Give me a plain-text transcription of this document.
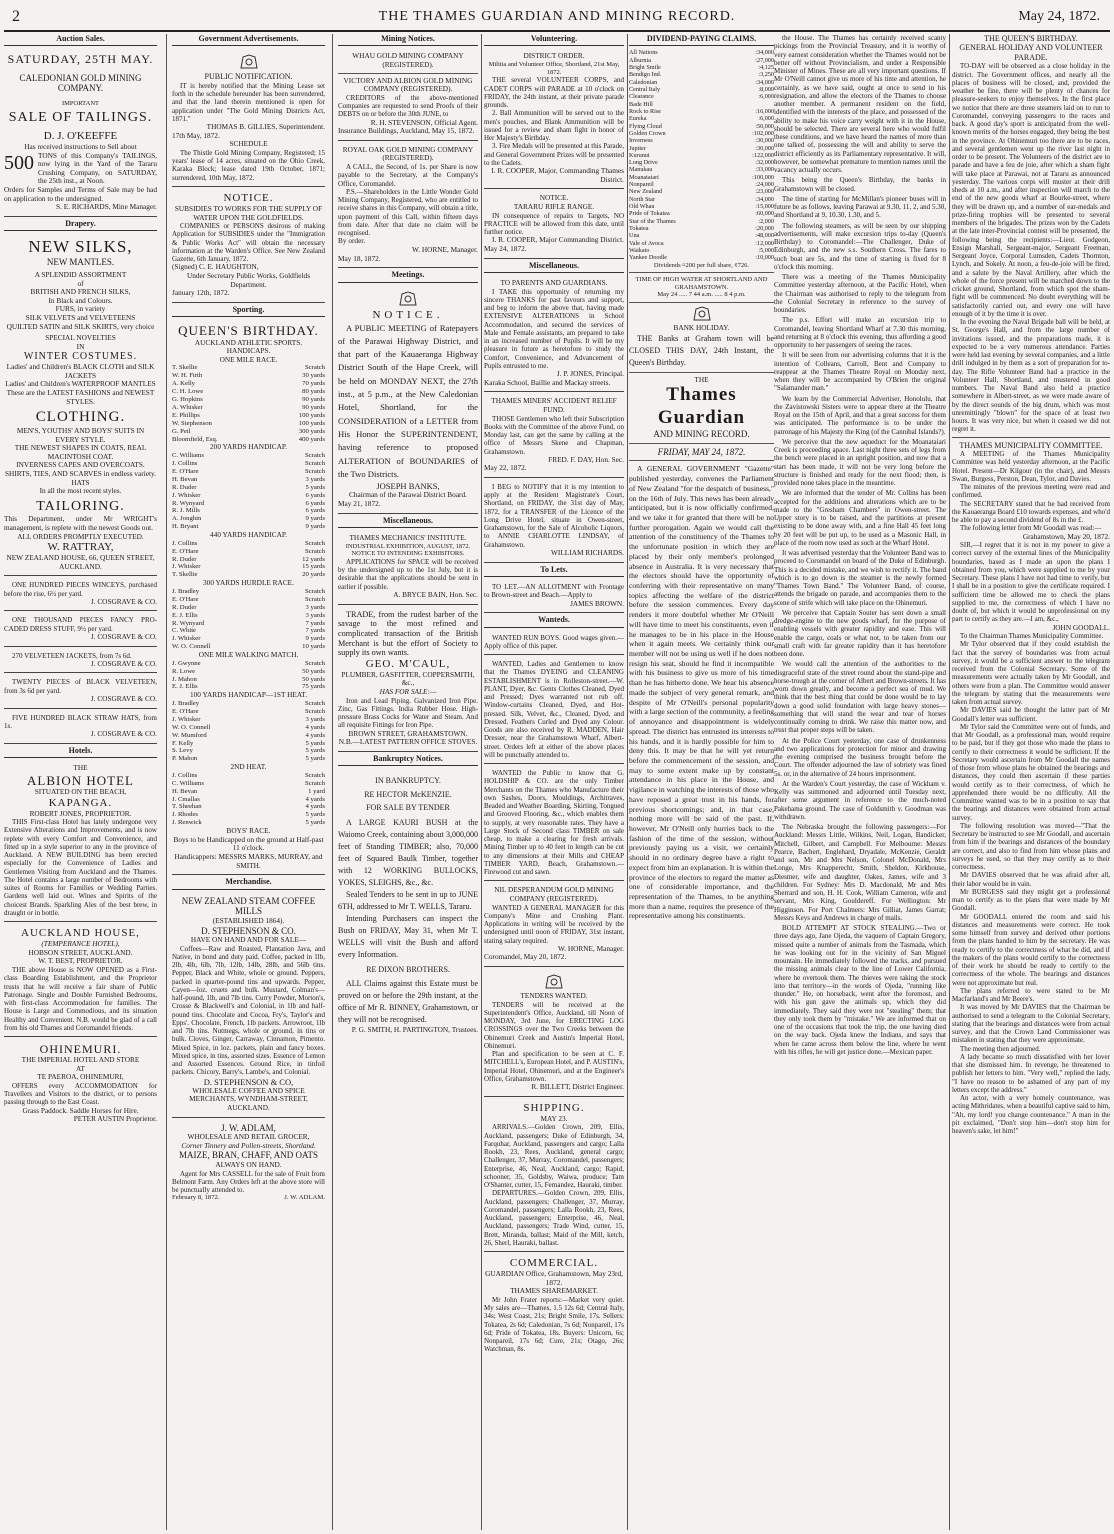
2	THE THAMES GUARDIAN AND MINING RECORD.	May 24, 1872.
Auction Sales.
SATURDAY, 25TH MAY.
CALEDONIAN GOLD MINING COMPANY.
IMPORTANT
SALE OF TAILINGS.
D. J. O'KEEFFE
Has received instructions to Sell about
500 TONS of this Company's TAILINGS, now lying in the Yard of the Tararu Crushing Company, on SATURDAY, the 25th inst., at Noon.
Orders for Samples and Terms of Sale may be had on application to the undersigned.
S. E. RICHARDS, Mine Manager.
Drapery.
NEW SILKS,
NEW MANTLES.
A SPLENDID ASSORTMENT
of
BRITISH AND FRENCH SILKS,
In Black and Colours.
FURS, in variety
SILK VELVETS and VELVETEENS
QUILTED SATIN and SILK SKIRTS, very choice
SPECIAL NOVELTIES
IN
WINTER COSTUMES.
Ladies' and Children's BLACK CLOTH and SILK JACKETS
Ladies' and Children's WATERPROOF MANTLES
These are the LATEST FASHIONS and NEWEST STYLES.
CLOTHING.
MEN'S, YOUTHS' AND BOYS' SUITS IN EVERY STYLE.
THE NEWEST SHAPES IN COATS, REAL MACINTOSH COAT.
INVERNESS CAPES AND OVERCOATS.
SHIRTS, TIES, AND SCARVES in endless variety.
HATS
In all the most recent styles.
TAILORING.
This Department, under Mr WRIGHT's management, is replete with the newest Goods out.
ALL ORDERS PROMPTLY EXECUTED.
W. RATTRAY,
NEW ZEALAND HOUSE, 66, QUEEN STREET, AUCKLAND.
ONE HUNDRED PIECES WINCEYS, purchased before the rise, 6½ per yard.
J. COSGRAVE & CO.
ONE THOUSAND PIECES FANCY PRO-CADED DRESS STUFF, 9½ per yard.
J. COSGRAVE & CO.
270 VELVETEEN JACKETS, from 7s 6d.
J. COSGRAVE & CO.
TWENTY PIECES of BLACK VELVETEEN, from 3s 6d per yard.
J. COSGRAVE & CO.
FIVE HUNDRED BLACK STRAW HATS, from 1s.
J. COSGRAVE & CO.
Hotels.
THE
ALBION HOTEL
SITUATED ON THE BEACH,
KAPANGA.
ROBERT JONES, PROPRIETOR.
THIS First-class Hotel has lately undergone very Extensive Alterations and Improvements, and is now replete with every Comfort and Convenience, and fitted up in a style superior to any in the province of Auckland. A NEW BUILDING has been erected especially for the Convenience of Ladies and Gentlemen Visiting from Auckland and the Thames. The Hotel contains a large number of Bedrooms with suites of Rooms for Families or Wedding Parties. Gardens well laid out. Wines and Spirits of the choicest Brands. Sparkling Ales of the best brew, in draught or in bottle.
AUCKLAND HOUSE,
(TEMPERANCE HOTEL),
HOBSON STREET, AUCKLAND.
W. T. BEST, PROPRIETOR.
THE above House is NOW OPENED as a First-class Boarding Establishment, and the Proprietor trusts that he will receive a fair share of Public Patronage. Single and Double Furnished Bedrooms, with first-class Accommodation for families. The House is Large and Commodious, and its situation Healthy and Convenient. N.B. would be glad of a call from his old Thames and Coromandel friends.
OHINEMURI.
THE IMPERIAL HOTEL AND STORE
AT
TE PAEROA, OHINEMURI,
OFFERS every ACCOMMODATION for Travellers and Visitors to the district, or to persons passing through to the East Coast.
Grass Paddock. Saddle Horses for Hire.
PETER AUSTIN Proprietor.
Government Advertisements.
PUBLIC NOTIFICATION.
IT is hereby notified that the Mining Lease set forth in the schedule hereunder has been surrendered, and that the land therein mentioned is open for application under "The Gold Mining Districts Act, 1871."
THOMAS B. GILLIES, Superintendent.
17th May, 1872.
SCHEDULE
The Thistle Gold Mining Company, Registered; 15 years' lease of 14 acres, situated on the Ohio Creek, Karaka Block; lease dated 19th October, 1871; surrendered, 10th May, 1872.
NOTICE.
SUBSIDIES TO WORKS FOR THE SUPPLY OF WATER UPON THE GOLDFIELDS.
COMPANIES or PERSONS desirous of making Application for SUBSIDIES under the "Immigration & Public Works Act" will obtain the necessary information at the Warden's Office. See New Zealand Gazette, 6th January, 1872.
(Signed) C. E. HAUGHTON,
Under Secretary Public Works, Goldfields Department.
January 12th, 1872.
Sporting.
QUEEN'S BIRTHDAY.
AUCKLAND ATHLETIC SPORTS.
HANDICAPS.
ONE MILE RACE.
T. Skellie	Scratch
W. H. Firth	30 yards
A. Kelly	70 yards
C. H. Lowe	80 yards
G. Hopkins	90 yards
A. Whisker	90 yards
E. Phillips	100 yards
W. Stephenson	100 yards
G. Peil	300 yards
Bloomfield, Esq.	400 yards
200 YARDS HANDICAP.
C. Williams	Scratch
J. Collins	Scratch
E. O'Hare	Scratch
H. Bevan	3 yards
R. Duder	5 yards
J. Whisker	6 yards
R. Wynyard	6 yards
R. J. Mills	6 yards
A. Jonghin	9 yards
H. Bryant	9 yards
440 YARDS HANDICAP.
J. Collins	Scratch
E. O'Hare	Scratch
R. Duder	12 yards
J. Whisker	15 yards
T. Skellie	20 yards
300 YARDS HURDLE RACE.
J. Bradley	Scratch
E. O'Hare	Scratch
R. Duder	3 yards
E. J. Ellis	3 yards
R. Wynyard	7 yards
C. White	7 yards
J. Whisker	9 yards
W. O. Connell	10 yards
ONE MILE WALKING MATCH.
J. Gwynne	Scratch
R. Lowe	50 yards
J. Mahon	50 yards
E. J. Ellis	75 yards
100 YARDS HANDICAP—1ST HEAT.
J. Bradley	Scratch
E. O'Hare	Scratch
J. Whisker	3 yards
W. O. Connell	4 yards
W. Mumford	4 yards
F. Kelly	5 yards
S. Levy	5 yards
P. Mahon	5 yards
2ND HEAT.
J. Collins	Scratch
C. Williams	Scratch
H. Bevan	1 yard
J. Cmallas	4 yards
T. Sheehan	4 yards
J. Rhodes	5 yards
J. Renwick	5 yards
BOYS' RACE.
Boys to be Handicapped on the ground at Half-past 11 o'clock.
Handicappers: MESSRS MARKS, MURRAY, and SMITH.
Merchandise.
NEW ZEALAND STEAM COFFEE MILLS
(ESTABLISHED 1864).
D. STEPHENSON & CO.
HAVE ON HAND AND FOR SALE—
Coffees—Raw and Roasted, Plantation Java, and Native, in bond and duty paid. Coffee, packed in 1lb, 2lb, 4lb, 6lb, 7lb, 12lb, 14lb, 28lb, and 56lb tins. Pepper, Black and White, whole or ground. Peppers, packed in quarter-pound tins and upwards. Pepper, Cayen—loz. cruets and bulk. Mustard, Colman's—half-pound, 1lb, and 7lb tins. Curry Powder, Morton's, Crosse & Blackwell's and Colonial, in 1lb and half-pound tins. Chocolate and Cocoa, Fry's, Taylor's and Epps'. Chocolate, French, 1lb packets. Arrowroot, 1lb and 7lb tins. Nutmegs, whole or ground, in tins or bulk. Cloves, Ginger, Carraway, Cinnamon, Pimento. Mixed Spice, in loz. packets, plain and fancy boxes. Mixed spice, in tins, assorted sizes. Essence of Lemon and Assorted Essences. Ground Rice, in tinfoil packets. Chicory, Barry's, Lambe's, and Colonial.
D. STEPHENSON & CO,
WHOLESALE COFFEE AND SPICE MERCHANTS, WYNDHAM-STREET, AUCKLAND.
J. W. ADLAM,
WHOLESALE AND RETAIL GROCER,
Corner Tinnery and Pollen-streets, Shortland.
MAIZE, BRAN, CHAFF, AND OATS
ALWAYS ON HAND.
Agent for Mrs CASSELL for the sale of Fruit from Belmont Farm. Any Orders left at the above store will be punctually attended to.
February 8, 1872.	J. W. ADLAM.
Mining Notices.
WHAU GOLD MINING COMPANY (REGISTERED).
VICTORY AND ALBION GOLD MINING COMPANY (REGISTERED).
CREDITORS of the above-mentioned Companies are requested to send Proofs of their DEBTS on or before the 30th JUNE, to
R. H. STEVENSON, Official Agent.
Insurance Buildings, Auckland, May 15, 1872.
ROYAL OAK GOLD MINING COMPANY (REGISTERED).
A CALL, the Second, of 1s. per Share is now payable to the Secretary, at the Company's Office, Coromandel.
P.S.—Shareholders in the Little Wonder Gold Mining Company, Registered, who are entitled to receive shares in this Company, will obtain a title, upon payment of this Call, within fifteen days from date. After that date no claim will be recognised.
By order.
W. HORNE, Manager.
May 18, 1872.
Meetings.
NOTICE.
A PUBLIC MEETING of Ratepayers of the Parawai Highway District, and that part of the Kauaeranga Highway District South of the Hape Creek, will be held on MONDAY NEXT, the 27th inst., at 5 p.m., at the New Caledonian Hotel, Shortland, for the CONSIDERATION of a LETTER from His Honor the SUPERINTENDENT, having reference to proposed ALTERATION of BOUNDARIES of the Two Districts.
JOSEPH BANKS,
Chairman of the Parawai District Board.
May 21, 1872.
Miscellaneous.
THAMES MECHANICS' INSTITUTE.
INDUSTRIAL EXHIBITION, AUGUST, 1872.
NOTICE TO INTENDING EXHIBITORS.
APPLICATIONS for SPACE will be received by the undersigned up to the 1st July, but it is desirable that the applications should be sent in earlier if possible.
A. BRYCE BAIN, Hon. Sec.
TRADE, from the rudest barber of the savage to the most refined and complicated transaction of the British Merchant is but the effort of Society to supply its own wants.
GEO. M'CAUL,
PLUMBER, GASFITTER, COPPERSMITH, &c.,
HAS FOR SALE:—
Iron and Lead Piping. Galvanized Iron Pipe. Zinc, Gas Fittings. India Rubber Hose. High-pressure Brass Cocks for Water and Steam. And all requisite Fittings for Iron Pipe.
BROWN STREET, GRAHAMSTOWN.
N.B.—LATEST PATTERN OFFICE STOVES.
Bankruptcy Notices.
IN BANKRUPTCY.
RE HECTOR McKENZIE.
FOR SALE BY TENDER
A LARGE KAURI BUSH at the Waiomo Creek, containing about 3,000,000 feet of Standing TIMBER; also, 70,000 feet of Squared Baulk Timber, together with 12 WORKING BULLOCKS, YOKES, SLEIGHS, &c., &c.
Sealed Tenders to be sent in up to JUNE 6TH, addressed to Mr T. WELLS, Tararu.
Intending Purchasers can inspect the Bush on FRIDAY, May 31, when Mr T. WELLS will visit the Bush and afford every Information.
RE DIXON BROTHERS.
ALL Claims against this Estate must be proved on or before the 29th instant, at the office of Mr R. BINNEY, Grahamstown, or they will not be recognised.
P. G. SMITH, H. PARTINGTON, Trustees.
Volunteering.
DISTRICT ORDER.
Militia and Volunteer Office, Shortland, 21st May, 1872.
THE several VOLUNTEER CORPS, and CADET CORPS will PARADE at 10 o'clock on FRIDAY, the 24th instant, at their private parade grounds.
2. Ball Ammunition will be served out to the men's pouches, and Blank Ammunition will be issued for a review and sham fight in honor of Her Majesty's Birthday.
3. Fire Medals will be presented at this Parade, and General Government Prizes will be presented to the Cadets.
I. R. COOPER, Major, Commanding Thames District.
NOTICE.
TARARU RIFLE RANGE.
IN consequence of repairs to Targets, NO PRACTICE will be allowed from this date, until further notice.
I. R. COOPER, Major Commanding District.
May 24, 1872.
Miscellaneous.
TO PARENTS AND GUARDIANS.
I TAKE this opportunity of returning my sincere THANKS for past favours and support, and beg to inform the above that, having made EXTENSIVE ALTERATIONS in School Accommodation, and secured the services of Male and Female assistants, am prepared to take in an increased number of Pupils. It will be my pleasure in future as heretofore to study the Comfort, Convenience, and Advancement of Pupils entrusted to me.
J. P. JONES, Principal.
Karaka School, Baillie and Mackay streets.
THAMES MINERS' ACCIDENT RELIEF FUND.
THOSE Gentlemen who left their Subscription Books with the Committee of the above Fund, on Monday last, can get the same by calling at the office of Messrs Skene and Chapman, Grahamstown.
FRED. F. DAY, Hon. Sec.
May 22, 1872.
I BEG to NOTIFY that it is my intention to apply at the Resident Magistrate's Court, Shortland, on FRIDAY, the 31st day of May, 1872, for a TRANSFER of the Licence of the Long Drive Hotel, situate in Owen-street, Grahamstown, for the Sale of Alcoholic Liquors, to ANNIE CHARLOTTE LINDSAY, of Grahamstown.
WILLIAM RICHARDS.
To Lets.
TO LET.—AN ALLOTMENT with Frontage to Brown-street and Beach.—Apply to
JAMES BROWN.
Wanteds.
WANTED RUN BOYS. Good wages given.—Apply office of this paper.
WANTED, Ladies and Gentlemen to know that the Thames DYEING and CLEANING ESTABLISHMENT is in Rolleston-street.—W. PLANT, Dyer, &c. Gents Clothes Cleaned, Dyed and Pressed; Dyes warranted not rub off. Window-curtains Cleaned, Dyed, and Hot-pressed. Silk, Velvet, &c., Cleaned, Dyed, and Dressed. Feathers Curled and Dyed any Colour. Goods are also received by R. MADDEN, Hair Dresser, near the Grahamstown Wharf, Albert-street. Orders left at either of the above places will be punctually attended to.
WANTED the Public to know that G. HOLDSHIP & CO. are the only Timber Merchants on the Thames who Manufacture their own Sashes, Doors, Mouldings, Architraves, Beaded and Weather Boarding, Skirting, Tongued and Grooved Flooring, &c., which enables them to supply, at very reasonable rates. They have a Large Stock of Second class TIMBER on sale cheap, to make a clearing for fresh arrivals. Mining Timber up to 40 feet in length can be cut to any dimensions at their Mills and CHEAP TIMBER YARD, Beach, Grahamstown.—Firewood cut and sawn.
NIL DESPERANDUM GOLD MINING COMPANY (REGISTERED).
WANTED A GENERAL MANAGER for this Company's Mine and Crushing Plant. Applications in writing will be received by the undersigned until noon of FRIDAY, 31st instant, stating salary required.
W. HORNE, Manager.
Coromandel, May 20, 1872.
TENDERS WANTED.
TENDERS will be received at the Superintendent's Office, Auckland, till Noon of MONDAY, 3rd June, for ERECTING LOG CROSSINGS over the Two Creeks between the Ohinemuri Creek and Austin's Imperial Hotel, Ohinemuri.
Plan and specification to be seen at C. F. MITCHELL's, European Hotel, and P. AUSTIN's, Imperial Hotel, Ohinemuri, and at the Engineer's Office, Grahamstown.
R. BILLETT, District Engineer.
SHIPPING.
MAY 23.
ARRIVALS.—Golden Crown, 209, Ellis, Auckland, passengers; Duke of Edinburgh, 34, Farquhar, Auckland, passengers and cargo; Lalla Rookh, 23, Rees, Auckland, general cargo; Challenger, 37, Murray, Coromandel, passengers; Enterprise, 46, Neal, Auckland, cargo; Rapid, schooner, 35, Goldsby, Waiwa, produce; Tam O'Shanter, cutter, 15, Fernandez, Hauraki, timber.
DEPARTURES.—Golden Crown, 209, Ellis, Auckland, passengers; Challenger, 37, Murray, Coromandel, passengers; Lalla Rookh, 23, Rees, Auckland, passengers; Enterprise, 46, Neal, Auckland, passengers; Trade Wind, cutter, 15, Brett, Miranda, ballast; Maid of the Mill, ketch, 26, Sherl, Hauraki, ballast.
COMMERCIAL.
GUARDIAN Office, Grahamstown, May 23rd, 1872.
THAMES SHAREMARKET.
Mr John Frater reports:—Market very quiet. My sales are—Thames, 1.5 12s 6d; Central Italy, 34s; West Coast, 21s; Bright Smile, 17s. Sellers: Tokatea, 2s 6d; Caledonian, 7s 6d; Nonpareil, 17s 6d; Pride of Tokatea, 18s. Buyers: Unicorn, 6s; Nonpareil, 17s 6d; Cure, 21s; Otago, 26s; Watchman, 8s.
DIVIDEND-PAYING CLAIMS.
All Nations	:34,000
Alburnia	:27,000
Bright Smile	:4,125
Bendigo Ind.	:3,250
Caledonian	:34,000
Central Italy	:8,000
Clearance	:6,000
Bade Hill	
Rock to Rise	:16,000
Eureka	:6,000
Flying Cloud	:50,000
Golden Crown	:102,000
Inverness	:30,000
Jupiter	:30,000
Kurunui	:122,000
Long Drive	:32,000
Manukau	:33,000
Moanataiari	:100,000
Nonpareil	:24,000
New Zealand	:23,000
North Star	:34,000
Old Whau	:15,000
Pride of Tokatea	:60,000
Star of the Thames	:2,000
Tokatea	:20,000
Una	:48,000
Vale of Avoca	:12,000
Waikato	:5,000
Yankee Doodle	:10,000
Dividends ¤200 per full share, ¢726.
TIME OF HIGH WATER AT SHORTLAND AND GRAHAMSTOWN.
May 24 ..... 7 44 a.m. ..... 8 4 p.m.
BANK HOLIDAY.
THE Banks at Graham town will be CLOSED THIS DAY, 24th Instant, the Queen's Birthday.
THE
Thames Guardian
AND MINING RECORD.
FRIDAY, MAY 24, 1872.
A GENERAL GOVERNMENT "Gazette" published yesterday, convenes the Parliament of New Zealand "for the despatch of business," on the 16th of July. This news has been already anticipated, but it is now officially confirmed, and we take it for granted that there will be no further prorogation. Again we would call the attention of the constituency of the Thames to the unfortunate position in which they are placed by their only member's prolonged absence in Australia. It is very necessary that the electors should have the opportunity of conferring with their representative on many topics affecting the welfare of the district before the session commences. Every day renders it more doubtful whether Mr O'Neill will have time to meet his constituents, even if he manages to be in his place in the House when it again meets. We certainly think our member will not be using us well if he does not resign his seat, should he find it incompatible with his business to give us more of his time than he has hitherto done. We hear his absence made the subject of very general remark, and despite of Mr O'Neill's personal popularity with a large section of the community, a feeling of annoyance and disappointment is widely spread. The district has entrusted its interests to his hands, and it is hardly possible for him to deny this. It may be that he will yet return before the commencement of the session, and may to some extent make up by constant attendance in his place in the House, and vigilance in watching the interests of those who have reposed a great trust in his hands, for previous shortcomings; and, in that case, nothing more will be said of the past. If, however, Mr O'Neill only hurries back to the fashion of the time of the session, without previously paying us a visit, we certainly should in no ordinary degree have a right to expect from him an explanation. It is within the province of the electors to regard the matter as one of considerable importance, and the representation of the Thames, to be anything more than a name, requires the presence of the representative among his constituents.

the House. The Thames has certainly received scanty pickings from the Provincial Treasury, and it is worthy of very earnest consideration whether the Thames would not be better off without Provincialism, and under a Responsible Minister of Mines. These are all very important questions. If Mr O'Neill cannot give us more of his time and attention, he certainly, as we have said, ought at once to send in his resignation, and allow the electors of the Thames to choose another member. A permanent resident on the field, identified with the interests of the place, and possessed of the ability to make his voice carry weight with it in the House, should be selected. There are several here who would fulfil these conditions, and we have heard the names of more than one talked of, possessing the will and ability to serve the district efficiently as its Parliamentary representative. It will, however, be somewhat premature to mention names until the vacancy actually occurs.

This being the Queen's Birthday, the banks in Grahamstown will be closed.

The time of starting for McMillan's pioneer buses will in future be as follows, leaving Parawai at 9.30, 11, 2, and 5.30, and Shortland at 9, 10.30, 1.30, and 5.

The following steamers, as will be seen by our shipping advertisements, will make excursion trips to-day (Queen's Birthday) to Coromandel:—The Challenger, Duke of Edinburgh, and the new s.s. Southern Cross. The fares to such boat are 5s, and the time of starting is fixed for 8 o'clock this morning.

There was a meeting of the Thames Municipality Committee yesterday afternoon, at the Pacific Hotel, when the Chairman was authorised to reply to the telegram from the Colonial Secretary in reference to the survey of boundaries.

The p.s. Effort will make an excursion trip to Coromandel, leaving Shortland Wharf at 7.30 this morning, and returning at 8 o'clock this evening, thus affording a good opportunity to her passengers of seeing the races.

It will be seen from our advertising columns that it is the intention of Colleans, Carroll, Bent and Company to reappear at the Thames Theatre Royal on Monday next, when they will be accompanied by O'Brien the original "Salamander man."

We learn by the Commercial Advertiser, Honolulu, that the Zavistowski Sisters were to appear there at the Theatre Royal on the 15th of April, and that a great success for them was anticipated. The performance is to be under the patronage of his Majesty the King (of the Cannibal Islands?).

We perceive that the new aqueduct for the Moanataiari Creek is proceeding apace. Last night three sets of legs from the bench were placed in an upright position, and now that a start has been made, it will not be very long before the structure is finished and ready for the next flood; then, is provided none takes place in the meantime.

We are informed that the tender of Mr. Collins has been accepted for the additions and alterations which are to be made to the "Gresham Chambers" in Owen-street. The Upper story is to be raised, and the partitions at present existing to be done away with, and a fine Hall 45 feet long by 20 feet will be put up, to be used as a Masonic Hall, in place of the room now used as such at the Wharf Hotel.

It was advertised yesterday that the Volunteer Band was to proceed to Coromandel on board of the Duke of Edinburgh. This is a decided mistake, and we wish to rectify it. The band which is to go down is the steamer is the newly formed "Thames Town Band." The Volunteer Band, of course, attends the brigade on parade, and accompanies them to the scene of strife which will take place on the Ohinemuri.

We perceive that Captain Souter has sent down a small dredge-engine to the new goods wharf, for the purpose of enabling vessels with greater rapidity and ease. This will enable the cargo, coals or what not, to be taken from our small craft with far greater rapidity than it has heretofore been done.

We would call the attention of the authorities to the disgraceful state of the street round about the stand-pipe and horse-trough at the corner of Albert and Brown-streets. It has worn down greatly, and become a perfect sea of mud. We think that the best thing that could be done would be to lay down a good solid foundation with large heavy stones—something that will stand the wear and tear of horses continually coming to drink. We raise this matter now, and trust that proper steps will be taken.

At the Police Court yesterday, one case of drunkenness and two applications for protection for minor and drawing the evening comprised the business brought before the Court. The offender adjourned the law of sobriety was fined 5s. or, in the alternative of 24 hours imprisonment.

At the Warden's Court yesterday, the case of Wickham v. Kelly was summoned and adjourned until Tuesday next, after some argument in reference to the much-noted Pakehama ground. The case of Goldsmith v. Goodman was withdrawn.

The Nebraska brought the following passengers:—For Auckland: Messrs Little, Wilkins, Neil, Logan, Bandicker, Mitchell, Gilbert, and Campbell. For Melbourne: Messrs Pearce, Bachert, Englehard, Dryadale, McKenzie, Geraldt and son, Mr and Mrs Nelson, Colonel McDonald, Mrs Longe, Mrs Knapperecht, Smith, Sheldon, Kirkhouse, Diesmer, wife and daughter, Oakes, James, wife and 3 children. For Sydney: Mrs D. Macdonald, Mr and Mrs Sherrard and son, H. H. Cook, William Cameron, wife and servant, Mrs King, Gouldereff. For Wellington: Mr Higginson. For Port Chalmers: Mrs Gilliat, James Garrat; Messrs Keys and Andrews in charge of mails.

BOLD ATTEMPT AT STOCK STEALING.—Two or three days ago, Jane Ojeda, the vaquero of Captain Gregory, missed quite a number of animals from the Tasmada, which he was looking out for in the vicinity of San Miguel mountain. He immediately followed the tracks, and pursued the missing animals clear to the line of Lower California, where he overtook them. The thieves were taking the stock into that territory—in the words of Ojeda, "running like thunder." He, on horseback, went after the foremost, and with his gun gave the animals up, which they did immediately. They said they were not "stealing" them; that they only took them by "mistake." We are informed that on one of the occasions that took the trip, the one having died on the way back. Ojeda knew the Indians, and says that when he came across them below the line, where he went with his rifles, he will get justice done.—Mexican paper.

THE QUEEN'S BIRTHDAY.
GENERAL HOLIDAY AND VOLUNTEER PARADE.
TO-DAY will be observed as a close holiday in the district. The Government offices, and nearly all the places of business will be closed, and, provided the weather be fine, there will be plenty of chances for pleasure-seekers to enjoy themselves. In the first place we notice that there are three steamers laid on to run to Coromandel, conveying passengers to the races and back. A good day's sport is anticipated from the well-known merits of the horses engaged, they being the best in the province. At Ohinemuri too there are to be races, and several gentlemen went up the river last night in order to be present. The Volunteers of the district are to parade and have a feu de joie, after which a sham fight will take place at Parawai, not at Tararu as announced yesterday. The various corps will muster at their drill sheds at 10 a.m., and after inspection will march to the end of the new goods wharf at Bourke-street, where they will be drawn up, and a number of ear-medals and prize-firing trophies will be presented to several members of the brigades. The prizes won by the Cadets at the late inter-Provincial contest will be presented, the following being the recipients:—Lieut. Godgeon, Ensign Marshall, Sergeant-major, Sergeant Freeman, Sergeant Joyce, Corporal Lumsden, Cadets Thornton, Lynch, and Sokely. At noon, a feu-de-joie will be fired, and a salute by the Naval Artillery, after which the whole of the force present will be marched down to the cricket ground, Shortland, from which spot the sham-fight will be commenced. No doubt everything will be satisfactorily carried out, and every one will have enough of it by the time it is over.
In the evening the Naval Brigade ball will be held, at St. George's Hall, and from the large number of invitations issued, and the preparations made, it is expected to be a very numerous attendance. Parties were held last evening by several companies, and a little drill indulged in by them as a sort of preparation for to-day. The Rifle Volunteer Band had a practice in the Volunteer Hall, Shortland, and mustered in good numbers. The Naval Band also held a practice somewhere in Albert-street, as we were made aware of by the direct sounds of the big drum, which was most unremittingly "blown" for the space of at least two hours. It was very nice, but when it ceased we did not regret it.
THAMES MUNICIPALITY COMMITTEE.
A MEETING of the Thames Municipality Committee was held yesterday afternoon, at the Pacific Hotel. Present—Dr Kilgour (in the chair), and Messrs Swan, Burgess, Perston, Dean, Tylor, and Davies.
The minutes of the previous meeting were read and confirmed.
The SECRETARY stated that he had received from the Kauaeranga Board £10 towards expenses, and who'd be able to pay a second dividend of 8s in the £.
The following letter from Mr Goodall was read:—
Grahamstown, May 20, 1872.
SIR,—I regret that it is not in my power to give a correct survey of the external lines of the Municipality boundaries, based as I made an upon the plans I obtained from you, which were supplied to me by your Secretary. These plans I have not had time to verify, but I shall be in a position to give the certificate required. I sufficient time be allowed me to check the plans supplied to me, the correctness of which I have no doubt of, but which it would be unprofessional on my part to certify as they are.—I am, &c.,
JOHN GOODALL.
To the Chairman Thames Municipality Committee.
Mr Tylor observed that if they could establish the fact that the survey of boundaries was from actual survey, it would be a sufficient answer to the telegram received from the Colonial Secretary. Some of the measurements were actually taken by Mr Goodall, and others were from a plan. The Committee would answer the telegram by stating that the measurements were taken from actual survey.
Mr DAVIES said he thought the latter part of Mr Goodall's letter was sufficient.
Mr Tylor said the Committee were out of funds, and that Mr Goodall, as a professional man, would require to be paid, but if they got those who made the plans to certify to their correctness it would be sufficient. If the Secretary would ascertain from Mr Goodall the names of those from whose plans he obtained the bearings and distances, they could then ascertain if these parties would certify as to their correctness, of which he apprehended there would be no difficulty. All the Committee wanted was to be in a position to say that the bearings and distances were obtained from actual survey.
The following resolution was moved—"That the Secretary be instructed to see Mr Goodall, and ascertain from him if the bearings and distances of the boundary are correct, and also to find from him whose plans and surveys he used, so that they may certify as to their correctness.
Mr DAVIES observed that he was afraid after all, their labor would be in vain.
Mr BURGESS said they might get a professional man to certify as to the plans that were made by Mr Goodall.
Mr GOODALL entered the room and said his distances and measurements were correct. He took some himself from survey and derived other portions from the plans handed to him by the secretary. He was ready to certify to the correctness of what he did, and if the makers of the plans would certify to the correctness of their work he should be ready to certify to the correctness of the whole. The bearings and distances were not approximate but real.
The plans referred to were stated to be Mr Macfarland's and Mr Beere's.
It was moved by Mr DAVIES that the Chairman be authorised to send a telegram to the Colonial Secretary, stating that the bearings and distances were from actual survey, and that the Crown Land Commissioner was mistaken in stating that they were approximate.
The meeting then adjourned.
A lady became so much dissatisfied with her lover that she dismissed him. In revenge, he threatened to publish her letters to him. "Very well," replied the lady, "I have no reason to be ashamed of any part of my letters except the address."
An actor, with a very homely countenance, was acting Mithridates, when a beautiful captive said to him, "Ah, my lord! you change countenance." A man in the pit exclaimed, "Don't stop him—don't stop him for heaven's sake, let him!"
